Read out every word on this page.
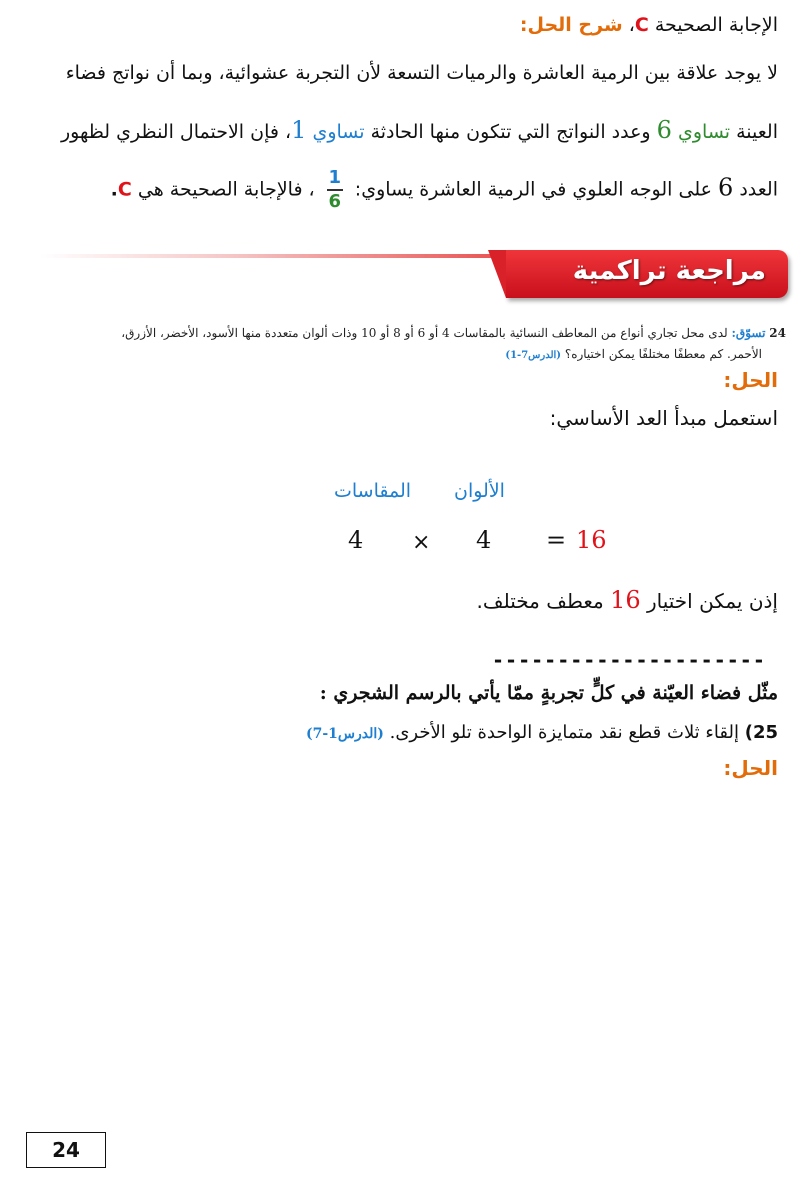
الإجابة الصحيحة C، شرح الحل:
لا يوجد علاقة بين الرمية العاشرة والرميات التسعة لأن التجربة عشوائية، وبما أن نواتج فضاء
العينة تساوي 6 وعدد النواتج التي تتكون منها الحادثة تساوي 1، فإن الاحتمال النظري لظهور
العدد 6 على الوجه العلوي في الرمية العاشرة يساوي:
$\frac{1}{6}$
، فالإجابة الصحيحة هي C.
مراجعة تراكمية
24 تسوّق: لدى محل تجاري أنواع من المعاطف النسائية بالمقاسات 4 أو 6 أو 8 أو 10 وذات ألوان متعددة منها الأسود، الأخضر، الأزرق،
الأحمر. كم معطفًا مختلفًا يمكن اختياره؟ (الدرس7-1)
الحل:
استعمل مبدأ العد الأساسي:
الألوان
المقاسات
4 × 4 = 16
إذن يمكن اختيار 16 معطف مختلف.
---------------------
مثّل فضاء العيّنة في كلٍّ تجربةٍ ممّا يأتي بالرسم الشجري :
25) إلقاء ثلاث قطع نقد متمايزة الواحدة تلو الأخرى. (الدرس1-7)
الحل:
24
